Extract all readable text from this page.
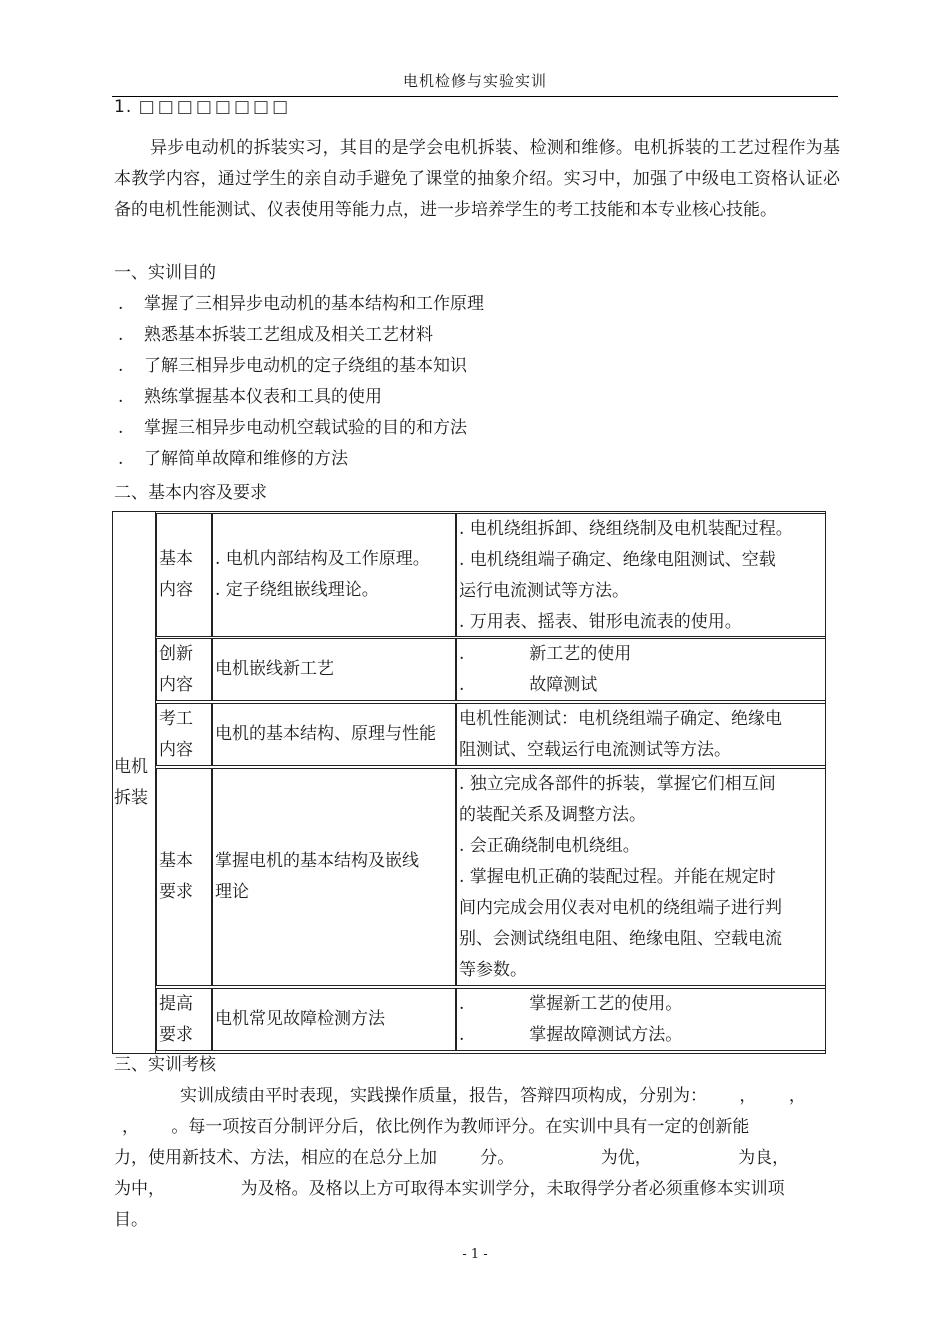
电机检修与实验实训
1. □□□□□□□□
异步电动机的拆装实习，其目的是学会电机拆装、检测和维修。电机拆装的工艺过程作为基本教学内容，通过学生的亲自动手避免了课堂的抽象介绍。实习中，加强了中级电工资格认证必备的电机性能测试、仪表使用等能力点，进一步培养学生的考工技能和本专业核心技能。
一、实训目的
. 掌握了三相异步电动机的基本结构和工作原理
. 熟悉基本拆装工艺组成及相关工艺材料
. 了解三相异步电动机的定子绕组的基本知识
. 熟练掌握基本仪表和工具的使用
. 掌握三相异步电动机空载试验的目的和方法
. 了解简单故障和维修的方法
二、基本内容及要求
电机
拆装
基本
内容
. 电机内部结构及工作原理。
. 定子绕组嵌线理论。
. 电机绕组拆卸、绕组绕制及电机装配过程。
. 电机绕组端子确定、绝缘电阻测试、空载
运行电流测试等方法。
. 万用表、摇表、钳形电流表的使用。
创新
内容
电机嵌线新工艺
.            新工艺的使用
.            故障测试
考工
内容
电机的基本结构、原理与性能
电机性能测试：电机绕组端子确定、绝缘电
阻测试、空载运行电流测试等方法。
基本
要求
掌握电机的基本结构及嵌线
理论
. 独立完成各部件的拆装，掌握它们相互间
的装配关系及调整方法。
. 会正确绕制电机绕组。
. 掌握电机正确的装配过程。并能在规定时
间内完成会用仪表对电机的绕组端子进行判
别、会测试绕组电阻、绝缘电阻、空载电流
等参数。
提高
要求
电机常见故障检测方法
.            掌握新工艺的使用。
.            掌握故障测试方法。
三、实训考核
实训成绩由平时表现，实践操作质量，报告，答辩四项构成，分别为：      ，      ，
，      。每一项按百分制评分后，依比例作为教师评分。在实训中具有一定的创新能
力，使用新技术、方法，相应的在总分上加        分。                为优，                为良，
为中，              为及格。及格以上方可取得本实训学分，未取得学分者必须重修本实训项
目。
- 1 -
